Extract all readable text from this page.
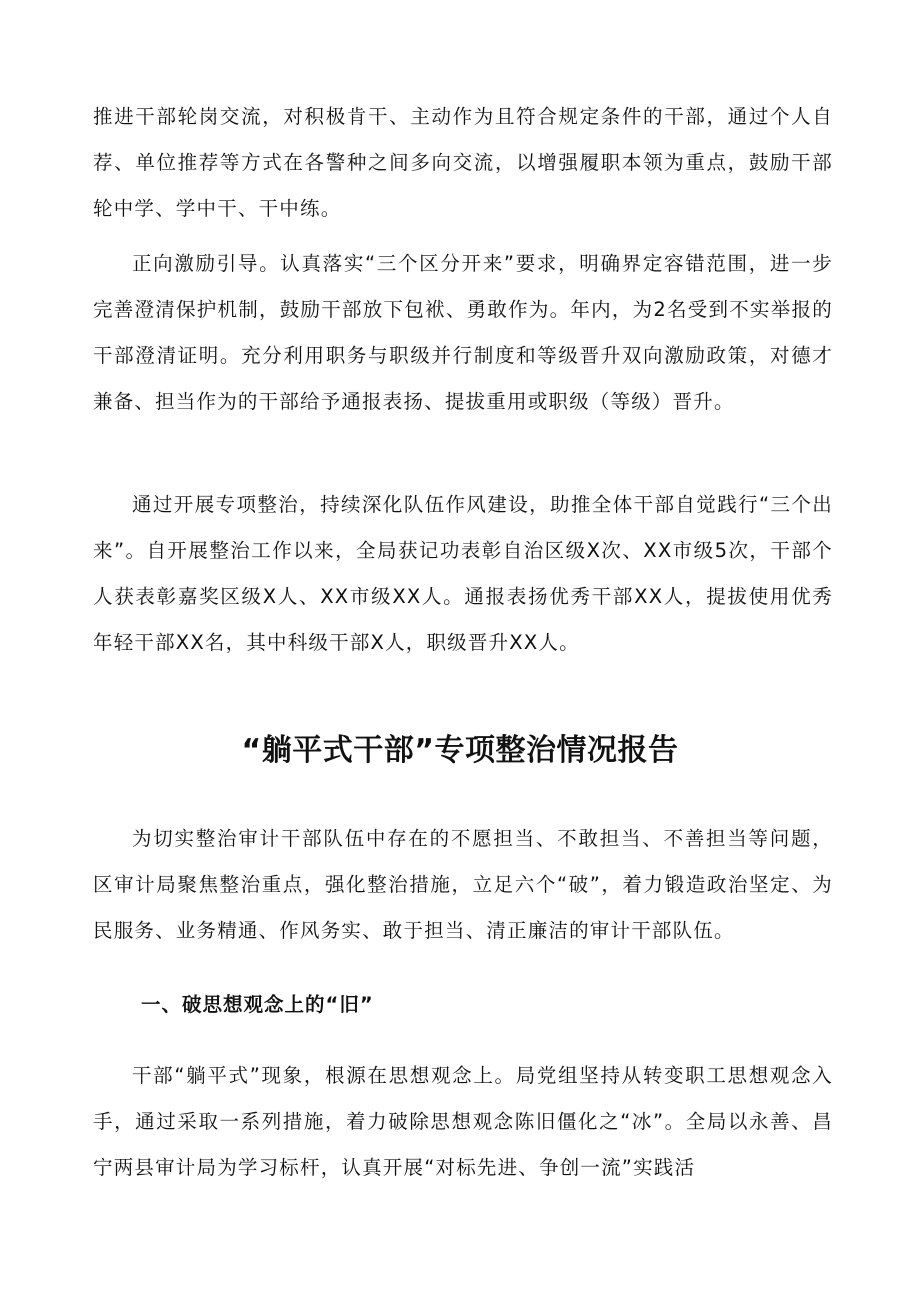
推进干部轮岗交流，对积极肯干、主动作为且符合规定条件的干部，通过个人自荐、单位推荐等方式在各警种之间多向交流，以增强履职本领为重点，鼓励干部轮中学、学中干、干中练。

正向激励引导。认真落实“三个区分开来”要求，明确界定容错范围，进一步完善澄清保护机制，鼓励干部放下包袱、勇敢作为。年内，为2名受到不实举报的干部澄清证明。充分利用职务与职级并行制度和等级晋升双向激励政策，对德才兼备、担当作为的干部给予通报表扬、提拔重用或职级（等级）晋升。

通过开展专项整治，持续深化队伍作风建设，助推全体干部自觉践行“三个出来”。自开展整治工作以来，全局获记功表彰自治区级X次、XX市级5次，干部个人获表彰嘉奖区级X人、XX市级XX人。通报表扬优秀干部XX人，提拔使用优秀年轻干部XX名，其中科级干部X人，职级晋升XX人。

“躺平式干部”专项整治情况报告

为切实整治审计干部队伍中存在的不愿担当、不敢担当、不善担当等问题，区审计局聚焦整治重点，强化整治措施，立足六个“破”，着力锻造政治坚定、为民服务、业务精通、作风务实、敢于担当、清正廉洁的审计干部队伍。

一、破思想观念上的“旧”

干部“躺平式”现象，根源在思想观念上。局党组坚持从转变职工思想观念入手，通过采取一系列措施，着力破除思想观念陈旧僵化之“冰”。全局以永善、昌宁两县审计局为学习标杆，认真开展“对标先进、争创一流”实践活
